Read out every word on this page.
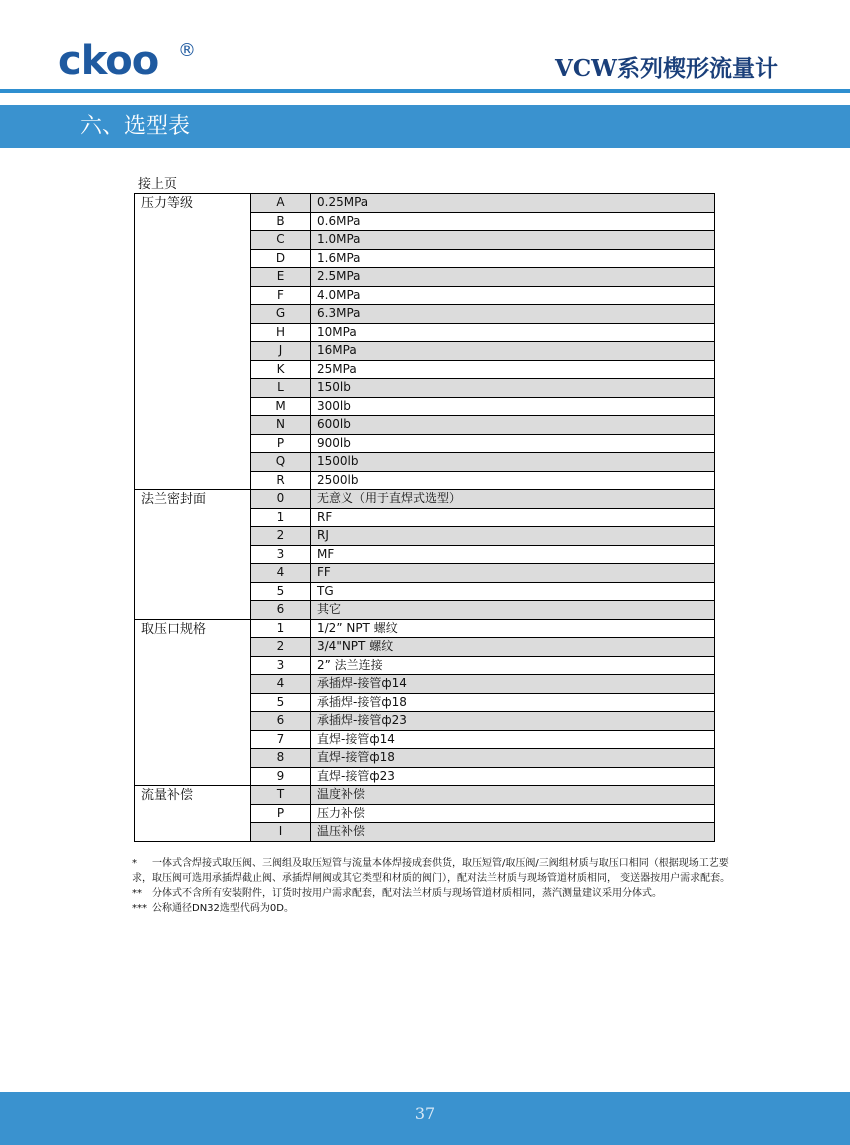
ckoo ®
VCW系列楔形流量计
六、选型表
接上页
压力等级	A	0.25MPa
	B	0.6MPa
	C	1.0MPa
	D	1.6MPa
	E	2.5MPa
	F	4.0MPa
	G	6.3MPa
	H	10MPa
	J	16MPa
	K	25MPa
	L	150lb
	M	300lb
	N	600lb
	P	900lb
	Q	1500lb
	R	2500lb
法兰密封面	0	无意义（用于直焊式选型）
	1	RF
	2	RJ
	3	MF
	4	FF
	5	TG
	6	其它
取压口规格	1	1/2” NPT 螺纹
	2	3/4"NPT 螺纹
	3	2” 法兰连接
	4	承插焊-接管ф14
	5	承插焊-接管ф18
	6	承插焊-接管ф23
	7	直焊-接管ф14
	8	直焊-接管ф18
	9	直焊-接管ф23
流量补偿	T	温度补偿
	P	压力补偿
	I	温压补偿
* 一体式含焊接式取压阀、三阀组及取压短管与流量本体焊接成套供货，取压短管/取压阀/三阀组材质与取压口相同（根据现场工艺要求，取压阀可选用承插焊截止阀、承插焊闸阀或其它类型和材质的阀门），配对法兰材质与现场管道材质相同， 变送器按用户需求配套。
** 分体式不含所有安装附件，订货时按用户需求配套，配对法兰材质与现场管道材质相同，蒸汽测量建议采用分体式。
*** 公称通径DN32选型代码为0D。
37
